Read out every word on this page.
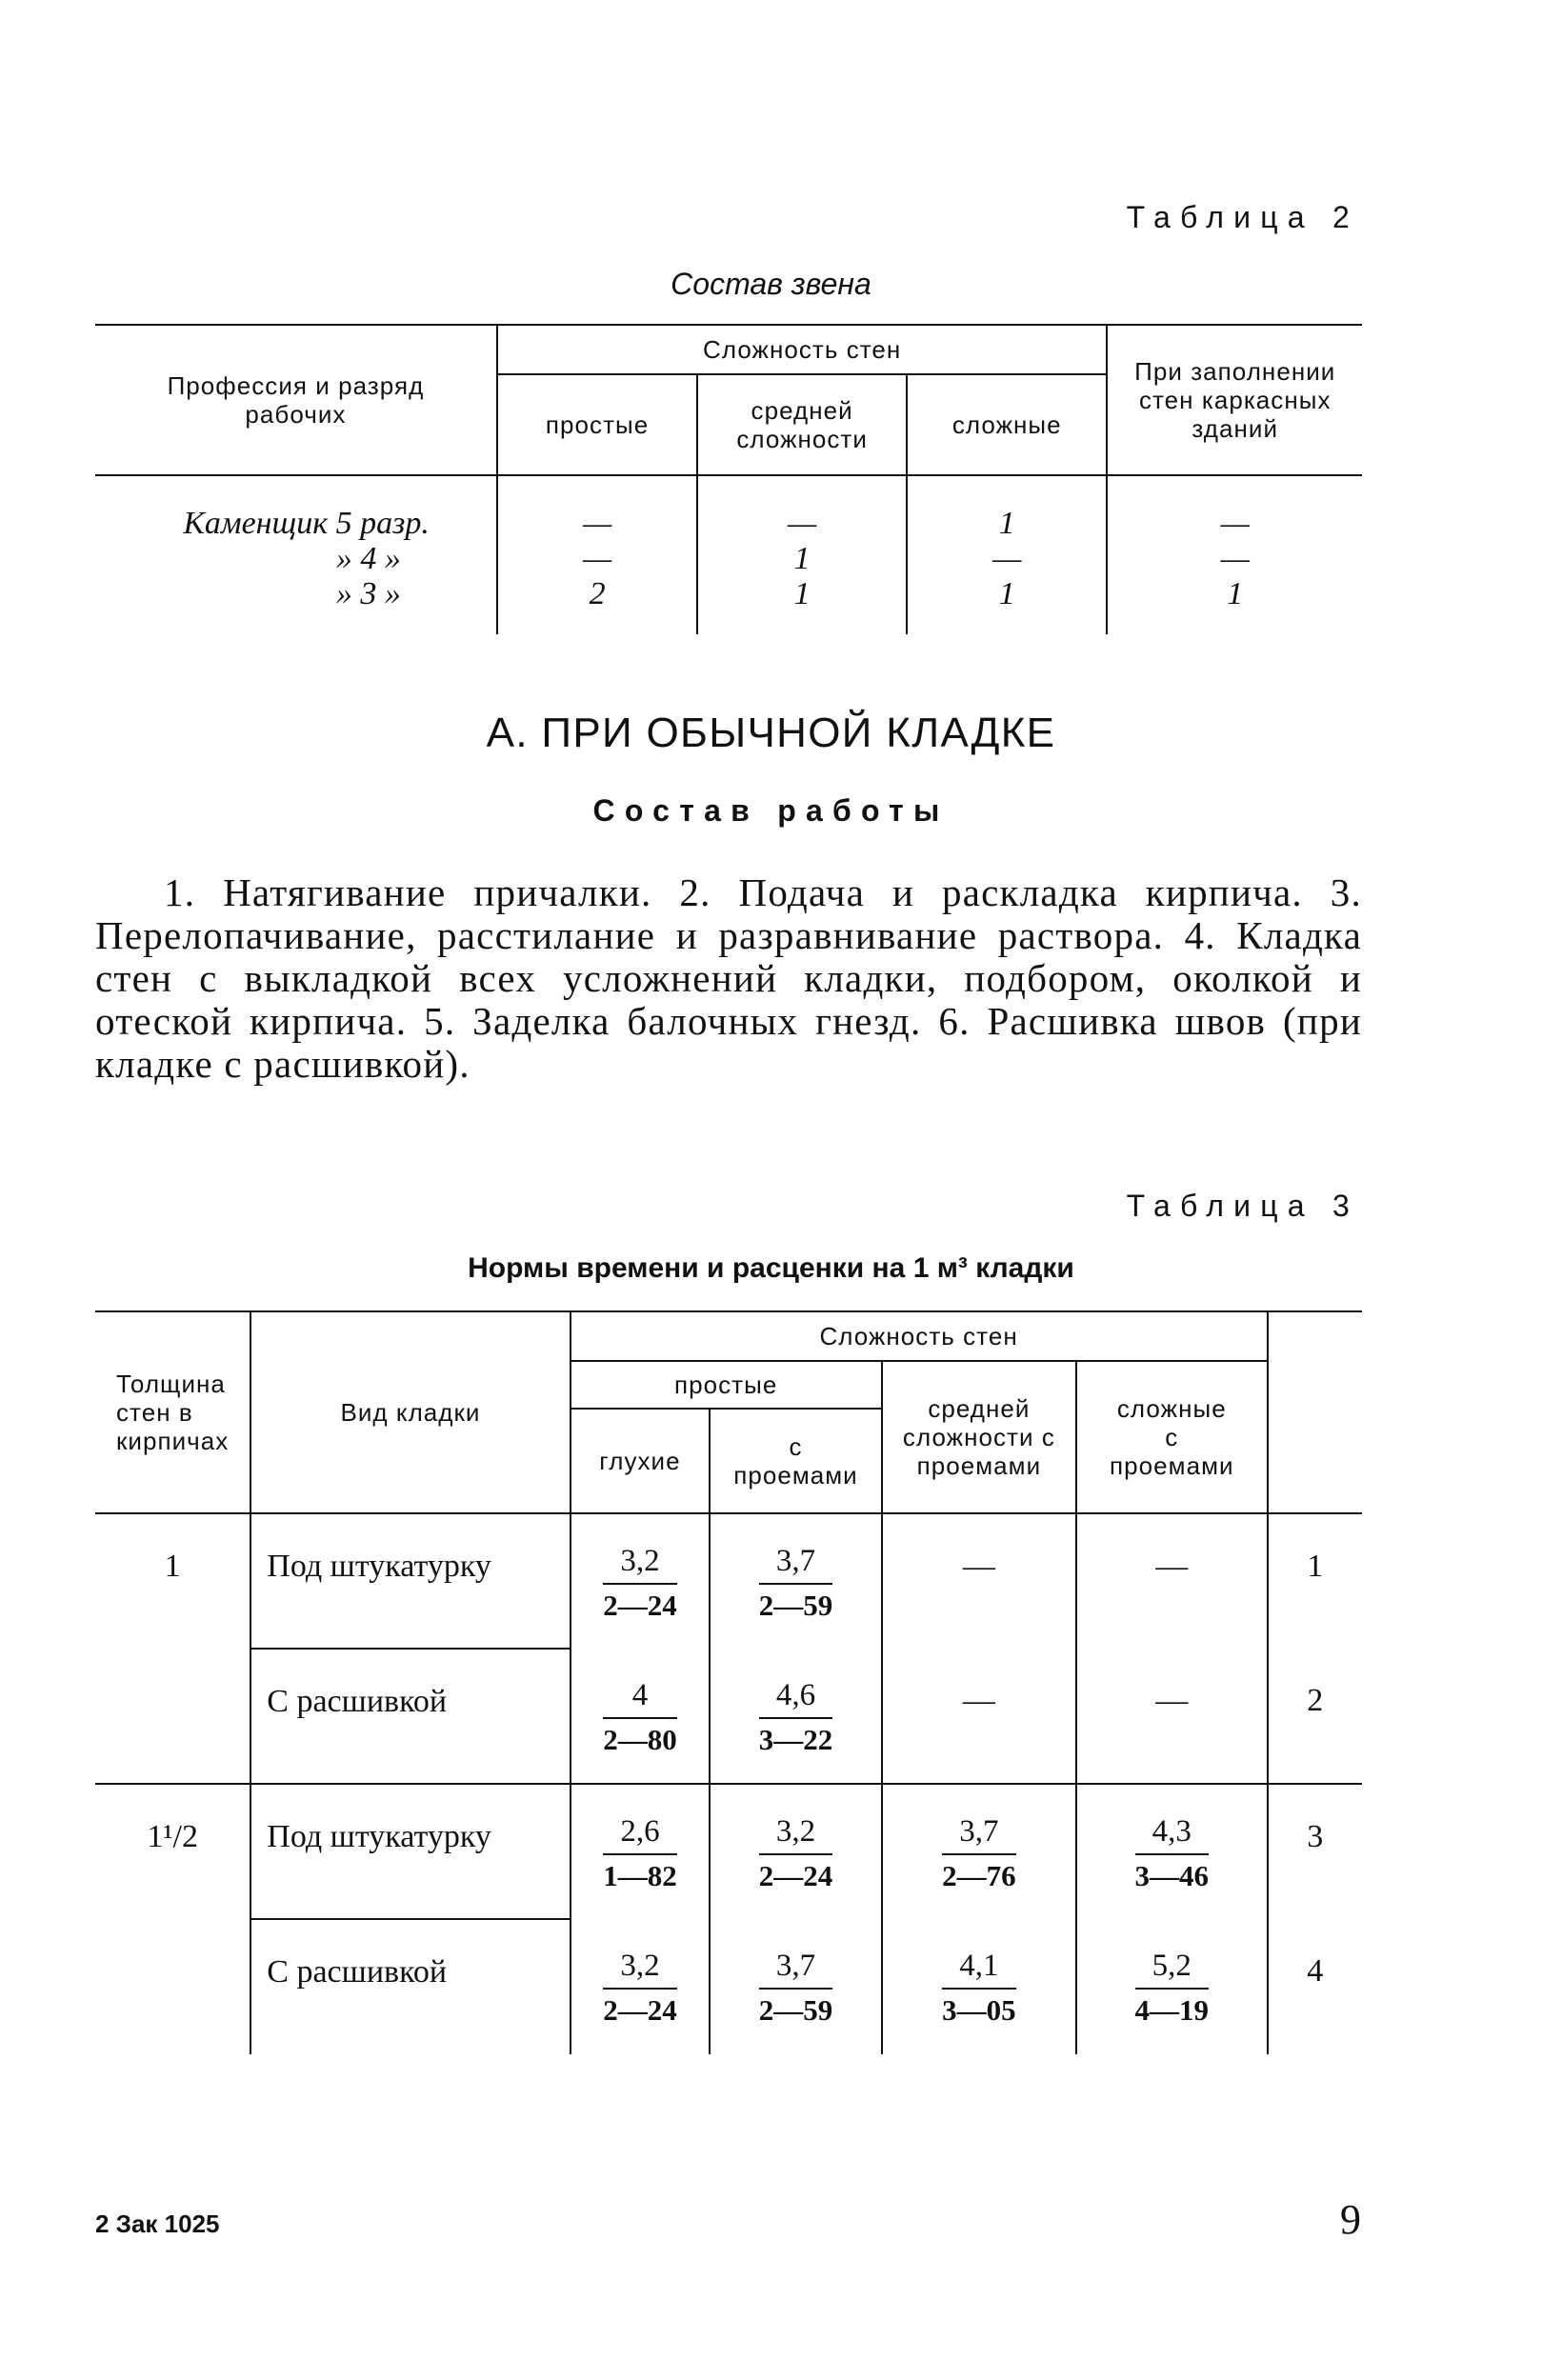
Таблица 2
Состав звена
Профессия и разряд рабочих	Сложность стен			При заполнении стен каркасных зданий
	простые	средней сложности	сложные	
Каменщик 5 разр.	—	—	1	—
» 4 »	—	1	—	—
» 3 »	2	1	1	1
А. ПРИ ОБЫЧНОЙ КЛАДКЕ
Состав работы
1. Натягивание причалки. 2. Подача и раскладка кирпича. 3. Перелопачивание, расстилание и разравнивание раствора. 4. Кладка стен с выкладкой всех усложнений кладки, подбором, околкой и отеской кирпича. 5. Заделка балочных гнезд. 6. Расшивка швов (при кладке с расшивкой).
Таблица 3
Нормы времени и расценки на 1 м³ кладки
Толщина стен в кирпичах	Вид кладки	Сложность стен				
		простые		средней сложности с проемами	сложные с проемами	
		глухие	с проемами			
1	Под штукатурку	$\frac{3,2}{2—24}$	$\frac{3,7}{2—59}$	—	—	1
	С расшивкой	$\frac{4}{2—80}$	$\frac{4,6}{3—22}$	—	—	2
1¹/2	Под штукатурку	$\frac{2,6}{1—82}$	$\frac{3,2}{2—24}$	$\frac{3,7}{2—76}$	$\frac{4,3}{3—46}$	3
	С расшивкой	$\frac{3,2}{2—24}$	$\frac{3,7}{2—59}$	$\frac{4,1}{3—05}$	$\frac{5,2}{4—19}$	4
2 Зак 1025	9
